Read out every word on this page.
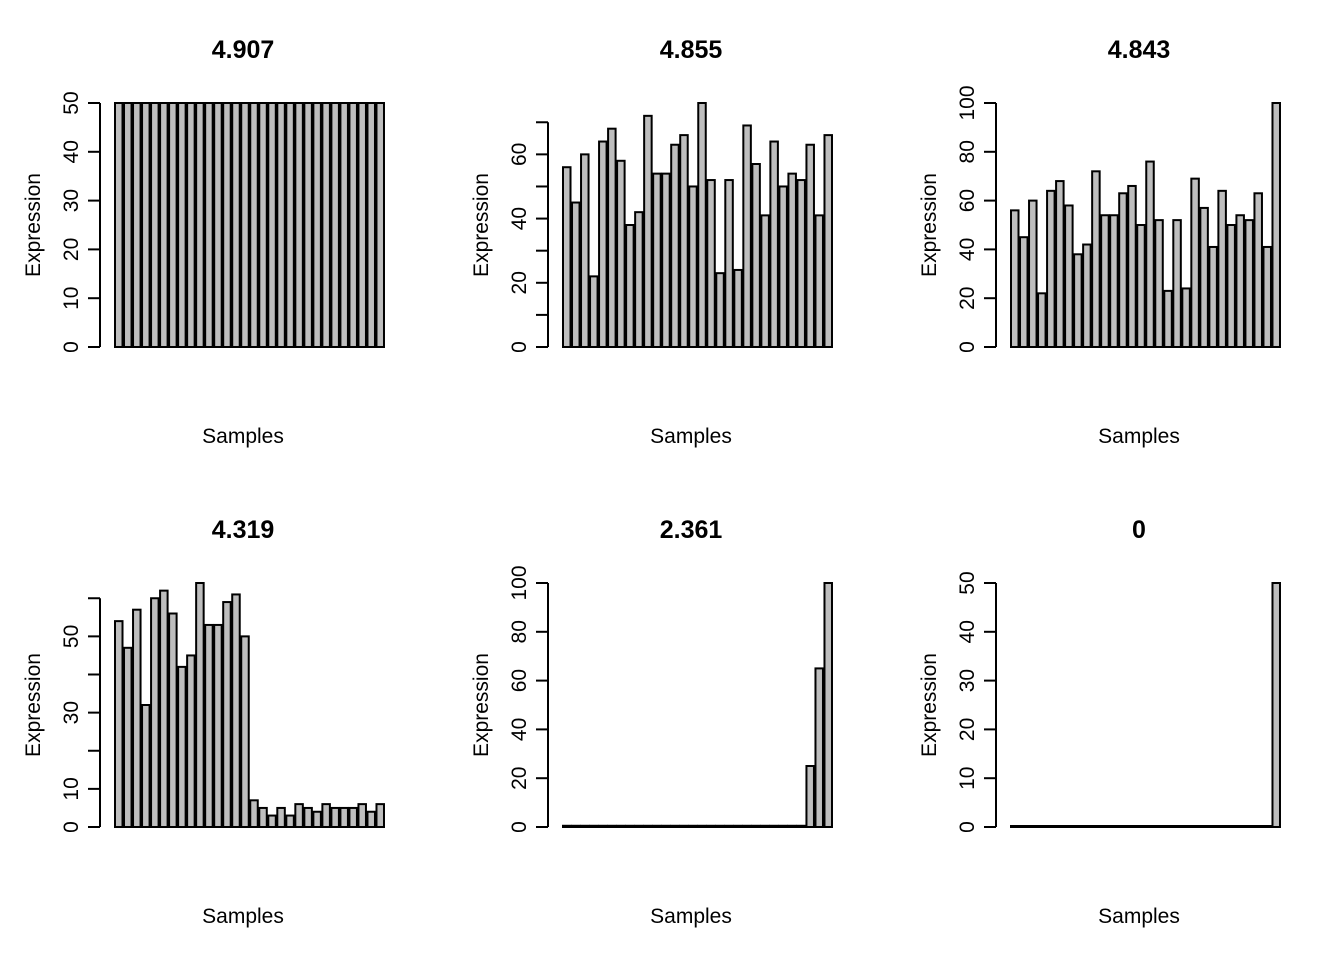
50
40
30
20
10
0
4.907
Expression
Samples
60
40
20
0
4.855
Expression
Samples
100
80
60
40
20
0
4.843
Expression
Samples
50
30
10
0
4.319
Expression
Samples
100
80
60
40
20
0
2.361
Expression
Samples
50
40
30
20
10
0
0
Expression
Samples
